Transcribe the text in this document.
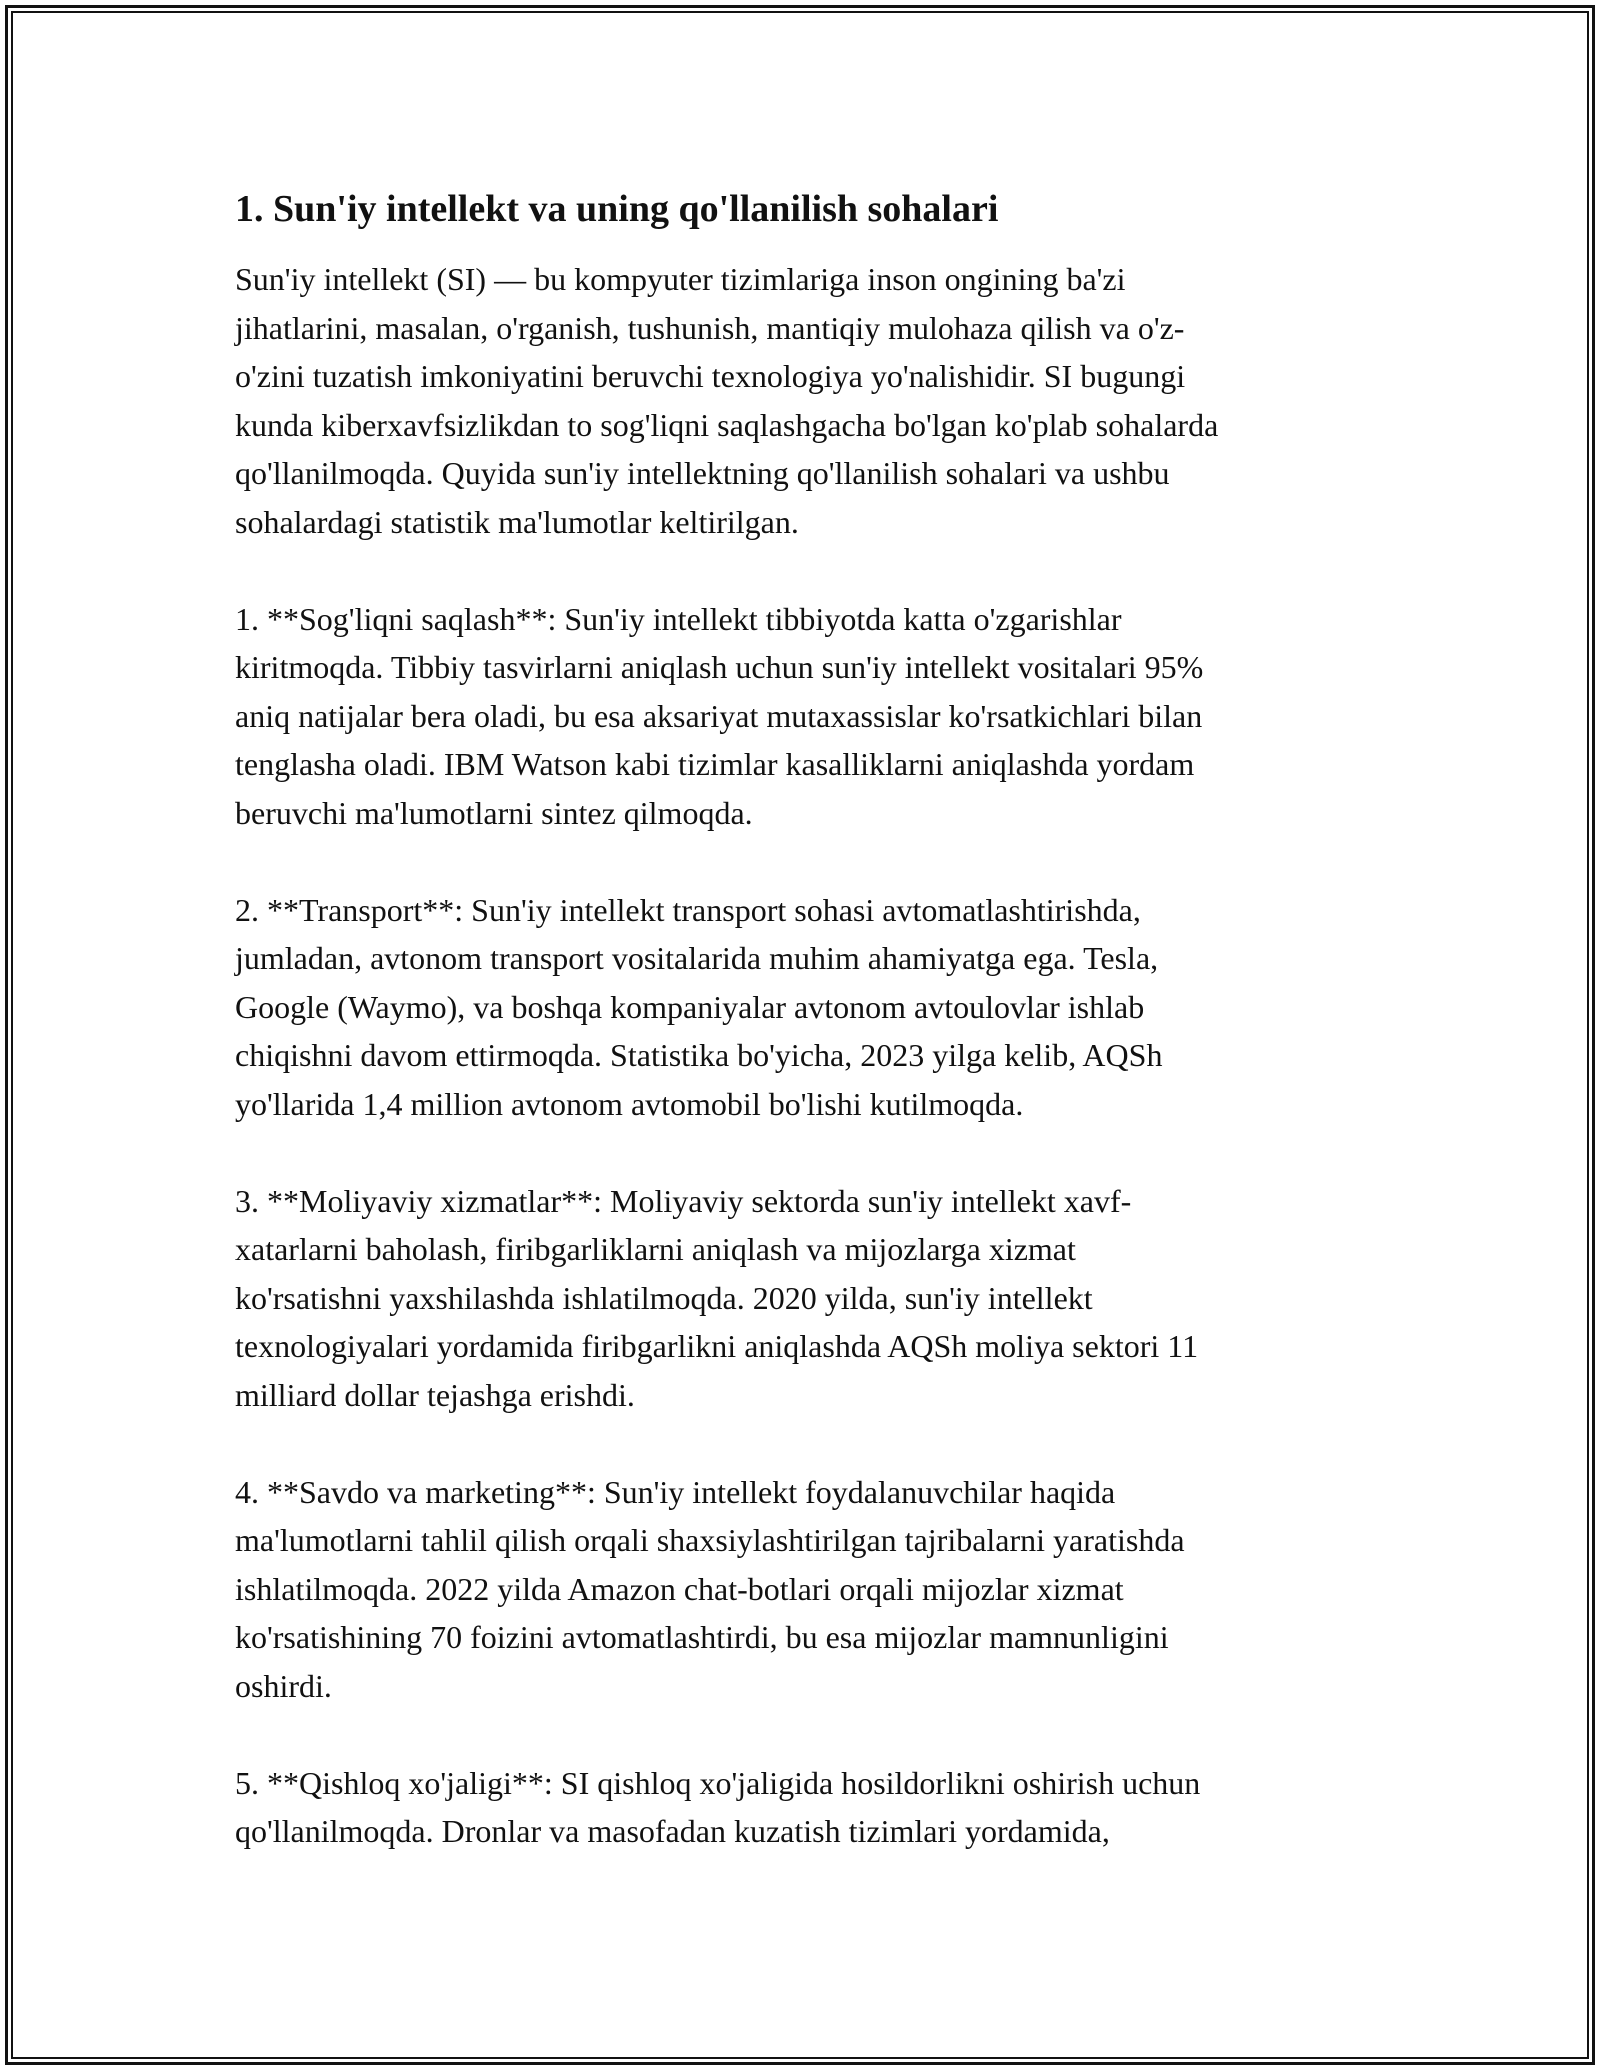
1. Sun'iy intellekt va uning qo'llanilish sohalari

Sun'iy intellekt (SI) — bu kompyuter tizimlariga inson ongining ba'zi
jihatlarini, masalan, o'rganish, tushunish, mantiqiy mulohaza qilish va o'z-
o'zini tuzatish imkoniyatini beruvchi texnologiya yo'nalishidir. SI bugungi
kunda kiberxavfsizlikdan to sog'liqni saqlashgacha bo'lgan ko'plab sohalarda
qo'llanilmoqda. Quyida sun'iy intellektning qo'llanilish sohalari va ushbu
sohalardagi statistik ma'lumotlar keltirilgan.

1. **Sog'liqni saqlash**: Sun'iy intellekt tibbiyotda katta o'zgarishlar
kiritmoqda. Tibbiy tasvirlarni aniqlash uchun sun'iy intellekt vositalari 95%
aniq natijalar bera oladi, bu esa aksariyat mutaxassislar ko'rsatkichlari bilan
tenglasha oladi. IBM Watson kabi tizimlar kasalliklarni aniqlashda yordam
beruvchi ma'lumotlarni sintez qilmoqda.

2. **Transport**: Sun'iy intellekt transport sohasi avtomatlashtirishda,
jumladan, avtonom transport vositalarida muhim ahamiyatga ega. Tesla,
Google (Waymo), va boshqa kompaniyalar avtonom avtoulovlar ishlab
chiqishni davom ettirmoqda. Statistika bo'yicha, 2023 yilga kelib, AQSh
yo'llarida 1,4 million avtonom avtomobil bo'lishi kutilmoqda.

3. **Moliyaviy xizmatlar**: Moliyaviy sektorda sun'iy intellekt xavf-
xatarlarni baholash, firibgarliklarni aniqlash va mijozlarga xizmat
ko'rsatishni yaxshilashda ishlatilmoqda. 2020 yilda, sun'iy intellekt
texnologiyalari yordamida firibgarlikni aniqlashda AQSh moliya sektori 11
milliard dollar tejashga erishdi.

4. **Savdo va marketing**: Sun'iy intellekt foydalanuvchilar haqida
ma'lumotlarni tahlil qilish orqali shaxsiylashtirilgan tajribalarni yaratishda
ishlatilmoqda. 2022 yilda Amazon chat-botlari orqali mijozlar xizmat
ko'rsatishining 70 foizini avtomatlashtirdi, bu esa mijozlar mamnunligini
oshirdi.

5. **Qishloq xo'jaligi**: SI qishloq xo'jaligida hosildorlikni oshirish uchun
qo'llanilmoqda. Dronlar va masofadan kuzatish tizimlari yordamida,
